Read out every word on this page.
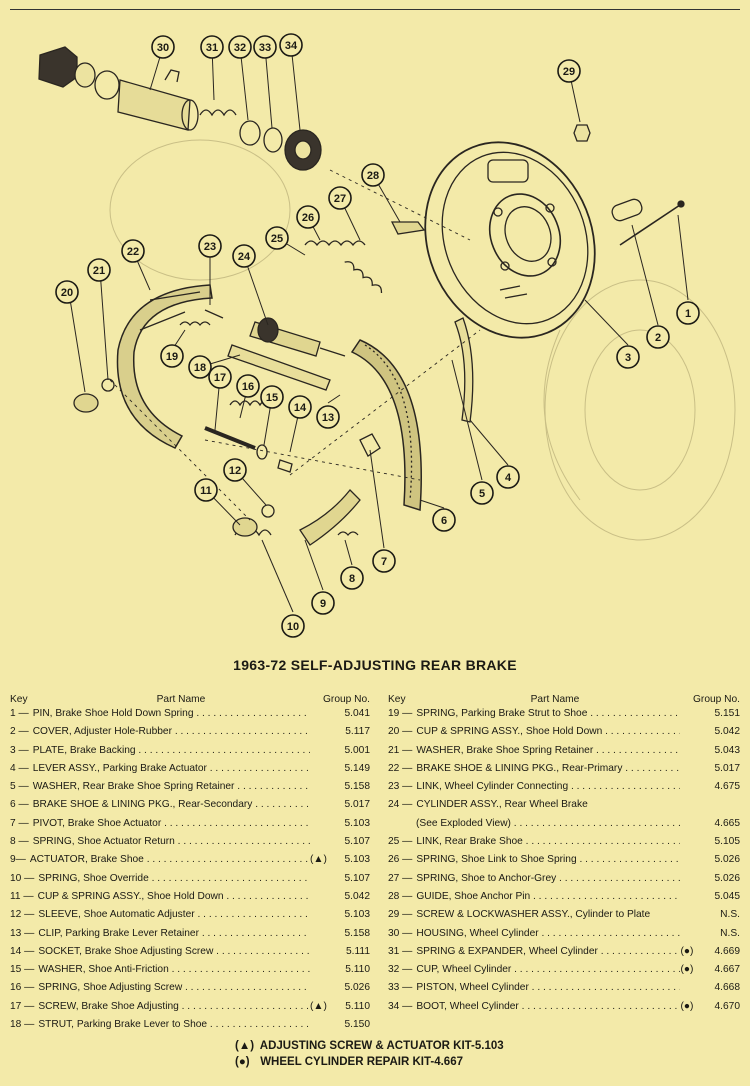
1
2
3
4
5
6
7
8
9
10
11
12
13
14
15
16
17
18
19
20
21
22	23
24
25
26
27
28
29
30	31 32 33 34
1963-72 SELF-ADJUSTING REAR BRAKE
Key	Part Name	Group No.
1 — PIN, Brake Shoe Hold Down Spring . . .	5.041
2 — COVER, Adjuster Hole-Rubber . . .	5.117
3 — PLATE, Brake Backing . . .	5.001
4 — LEVER ASSY., Parking Brake Actuator . . .	5.149
5 — WASHER, Rear Brake Shoe Spring Retainer . . .	5.158
6 — BRAKE SHOE & LINING PKG., Rear-Secondary . . .	5.017
7 — PIVOT, Brake Shoe Actuator . . .	5.103
8 — SPRING, Shoe Actuator Return . . .	5.107
9— ACTUATOR, Brake Shoe . . .	(▲)	5.103
10 — SPRING, Shoe Override . . .	5.107
11 — CUP & SPRING ASSY., Shoe Hold Down . . .	5.042
12 — SLEEVE, Shoe Automatic Adjuster . . .	5.103
13 — CLIP, Parking Brake Lever Retainer . . .	5.158
14 — SOCKET, Brake Shoe Adjusting Screw . . .	5.111
15 — WASHER, Shoe Anti-Friction . . .	5.110
16 — SPRING, Shoe Adjusting Screw . . .	5.026
17 — SCREW, Brake Shoe Adjusting . . .	(▲)	5.110
18 — STRUT, Parking Brake Lever to Shoe . . .	5.150
Key	Part Name	Group No.
19 — SPRING, Parking Brake Strut to Shoe . . .	5.151
20 — CUP & SPRING ASSY., Shoe Hold Down . . .	5.042
21 — WASHER, Brake Shoe Spring Retainer . . .	5.043
22 — BRAKE SHOE & LINING PKG., Rear-Primary . . .	5.017
23 — LINK, Wheel Cylinder Connecting . . .	4.675
24 — CYLINDER ASSY., Rear Wheel Brake
(See Exploded View) . . .	4.665
25 — LINK, Rear Brake Shoe . . .	5.105
26 — SPRING, Shoe Link to Shoe Spring . . .	5.026
27 — SPRING, Shoe to Anchor-Grey . . .	5.026
28 — GUIDE, Shoe Anchor Pin . . .	5.045
29 — SCREW & LOCKWASHER ASSY., Cylinder to Plate	N.S.
30 — HOUSING, Wheel Cylinder . . .	N.S.
31 — SPRING & EXPANDER, Wheel Cylinder . . .	(●)	4.669
32 — CUP, Wheel Cylinder . . .	(●)	4.667
33 — PISTON, Wheel Cylinder . . .	4.668
34 — BOOT, Wheel Cylinder . . .	(●)	4.670
(▲) ADJUSTING SCREW & ACTUATOR KIT-5.103
(●) WHEEL CYLINDER REPAIR KIT-4.667
